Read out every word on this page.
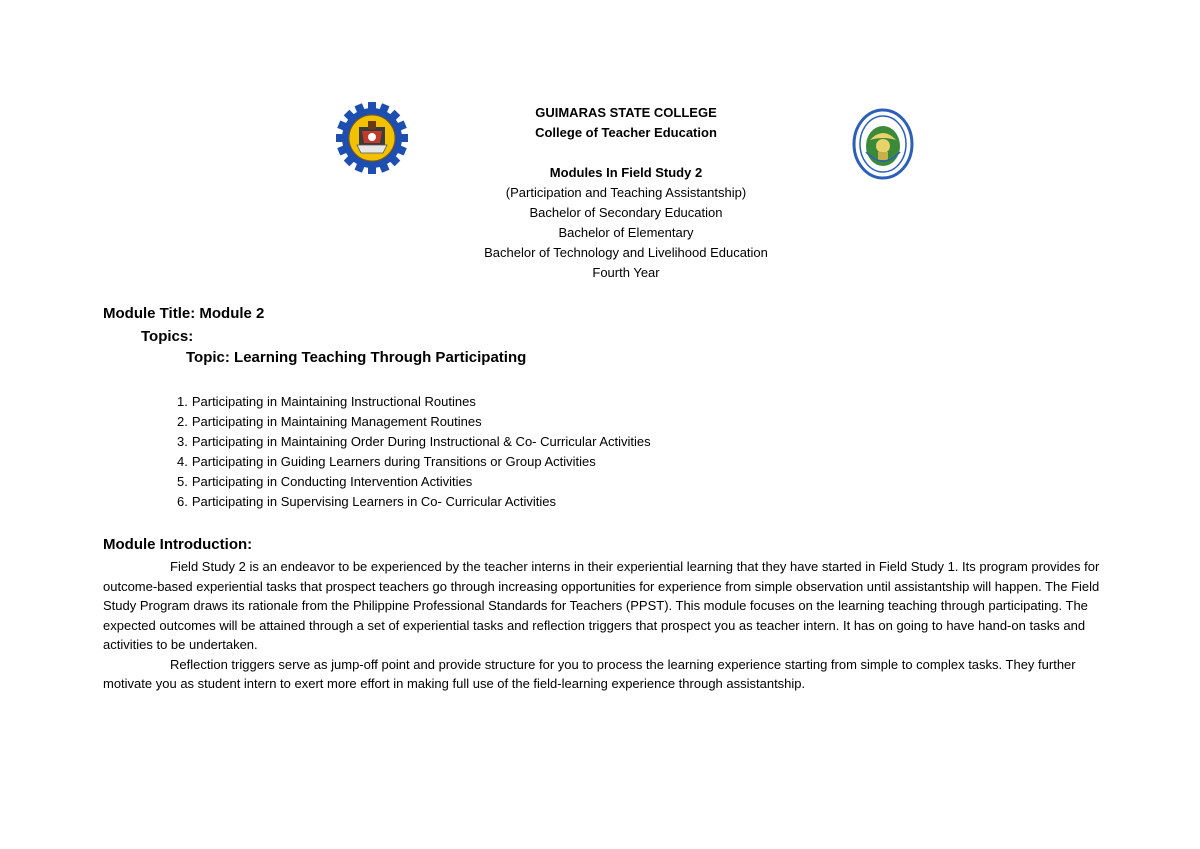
GUIMARAS STATE COLLEGE
College of Teacher Education
Modules In Field Study 2
(Participation and Teaching Assistantship)
Bachelor of Secondary Education
Bachelor of Elementary
Bachelor of Technology and Livelihood Education
Fourth Year
Module Title: Module 2
Topics:
Topic: Learning Teaching Through Participating
1. Participating in Maintaining Instructional Routines
2. Participating in Maintaining Management Routines
3. Participating in Maintaining Order During Instructional & Co- Curricular Activities
4. Participating in Guiding Learners during Transitions or Group Activities
5. Participating in Conducting Intervention Activities
6. Participating in Supervising Learners in Co- Curricular Activities
Module Introduction:

Field Study 2 is an endeavor to be experienced by the teacher interns in their experiential learning that they have started in Field Study 1. Its program provides for outcome-based experiential tasks that prospect teachers go through increasing opportunities for experience from simple observation until assistantship will happen. The Field Study Program draws its rationale from the Philippine Professional Standards for Teachers (PPST). This module focuses on the learning teaching through participating. The expected outcomes will be attained through a set of experiential tasks and reflection triggers that prospect you as teacher intern. It has on going to have hand-on tasks and activities to be undertaken.

Reflection triggers serve as jump-off point and provide structure for you to process the learning experience starting from simple to complex tasks. They further motivate you as student intern to exert more effort in making full use of the field-learning experience through assistantship.
